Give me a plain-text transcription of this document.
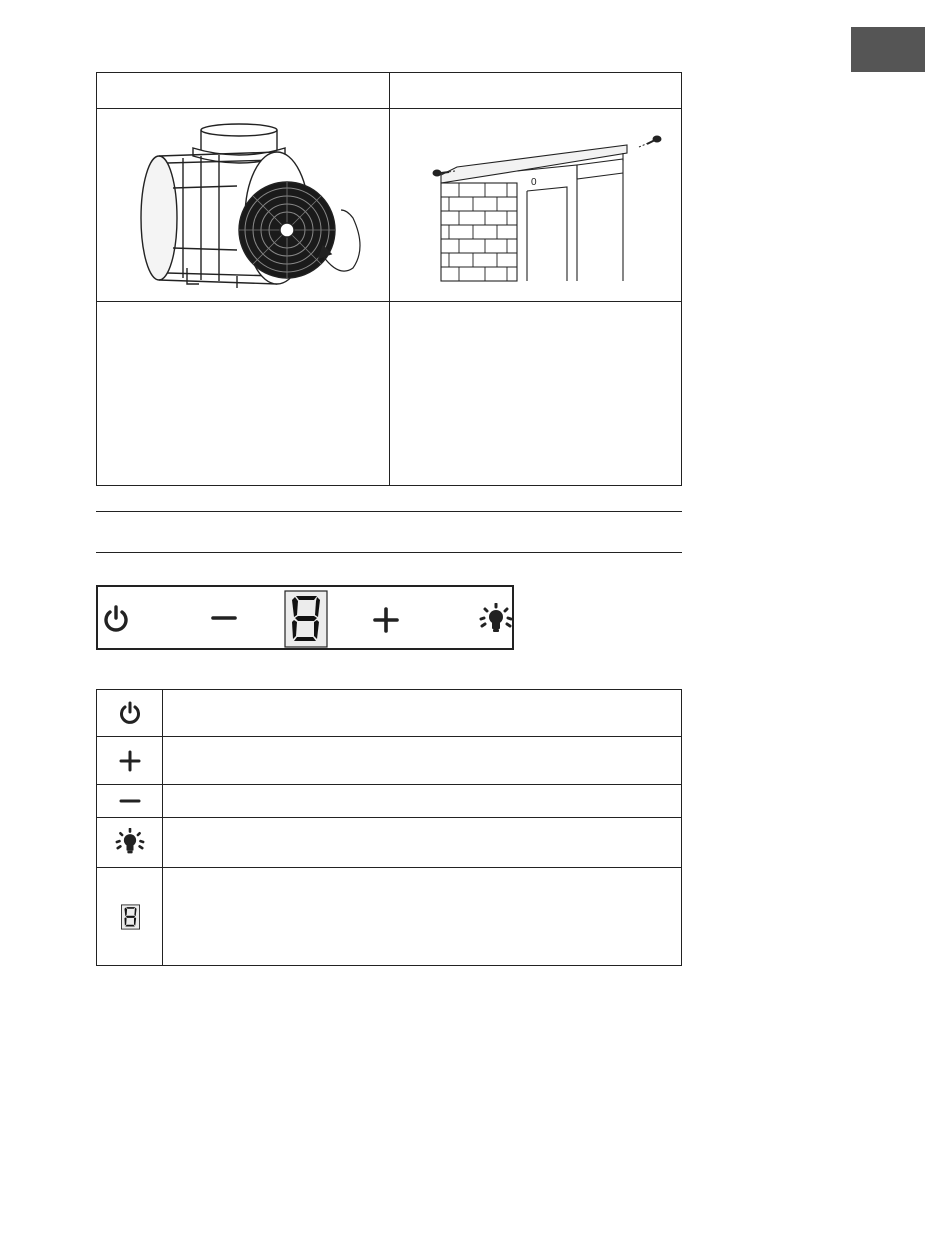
0
